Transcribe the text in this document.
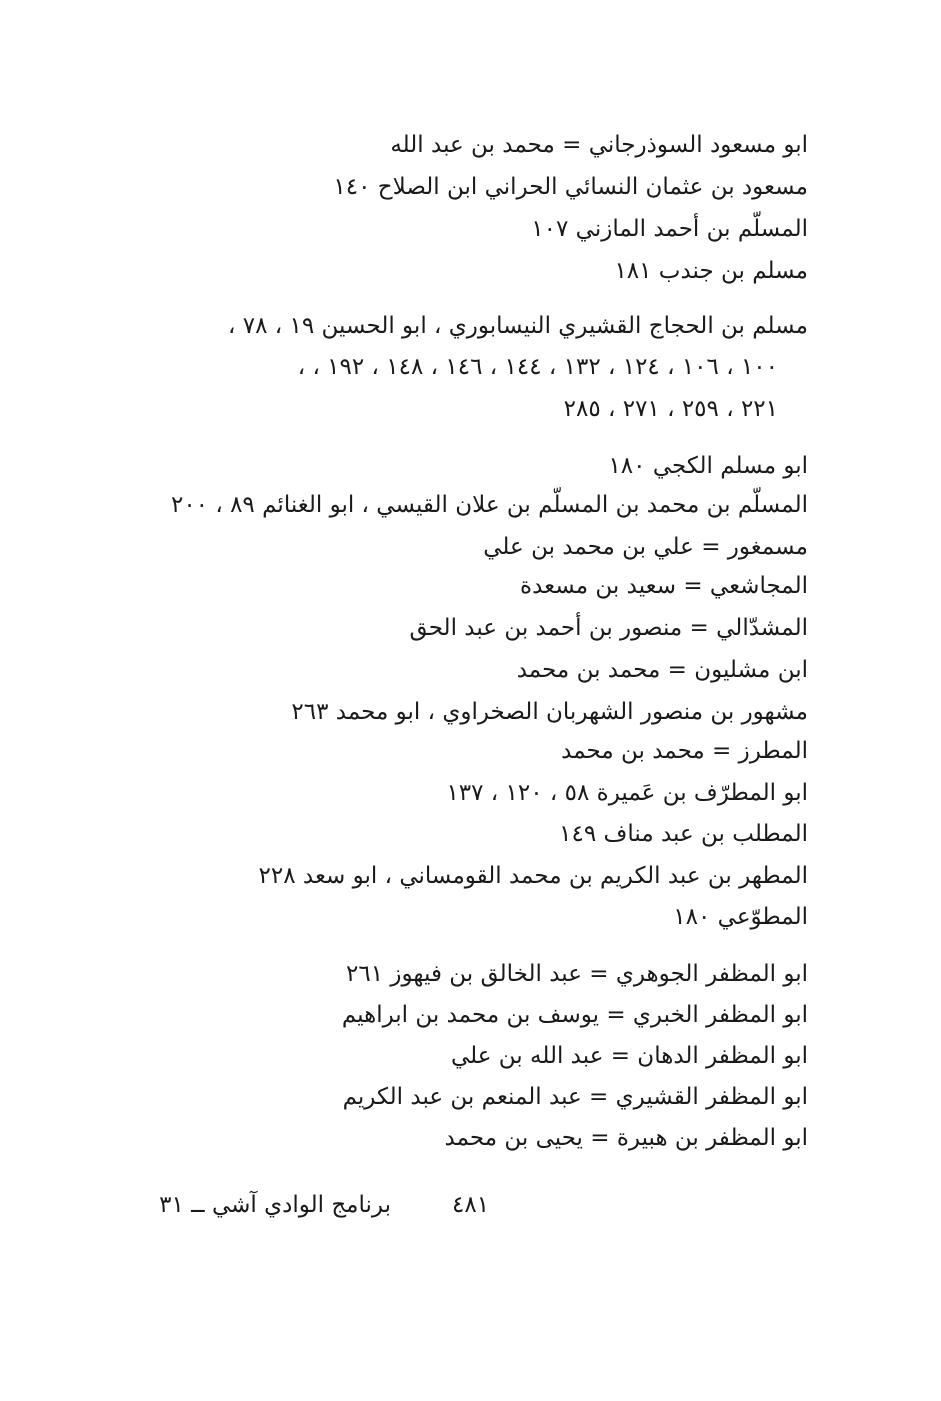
ابو مسعود السوذرجاني = محمد بن عبد الله
مسعود بن عثمان النسائي الحراني ابن الصلاح ١٤٠
المسلّم بن أحمد المازني ١٠٧
مسلم بن جندب ١٨١
مسلم بن الحجاج القشيري النيسابوري ، ابو الحسين ١٩ ، ٧٨ ،
١٠٠ ، ١٠٦ ، ١٢٤ ، ١٣٢ ، ١٤٤ ، ١٤٦ ، ١٤٨ ، ١٩٢ ، ،
٢٢١ ، ٢٥٩ ، ٢٧١ ، ٢٨٥
ابو مسلم الكجي ١٨٠
المسلّم بن محمد بن المسلّم بن علان القيسي ، ابو الغنائم ٨٩ ، ٢٠٠
مسمغور = علي بن محمد بن علي
المجاشعي = سعيد بن مسعدة
المشدّالي = منصور بن أحمد بن عبد الحق
ابن مشليون = محمد بن محمد
مشهور بن منصور الشهربان الصخراوي ، ابو محمد ٢٦٣
المطرز = محمد بن محمد
ابو المطرّف بن عَميرة ٥٨ ، ١٢٠ ، ١٣٧
المطلب بن عبد مناف ١٤٩
المطهر بن عبد الكريم بن محمد القومساني ، ابو سعد ٢٢٨
المطوّعي ١٨٠
ابو المظفر الجوهري = عبد الخالق بن فيهوز ٢٦١
ابو المظفر الخبري = يوسف بن محمد بن ابراهيم
ابو المظفر الدهان = عبد الله بن علي
ابو المظفر القشيري = عبد المنعم بن عبد الكريم
ابو المظفر بن هبيرة = يحيى بن محمد
٤٨١
برنامج الوادي آشي ــ ٣١
